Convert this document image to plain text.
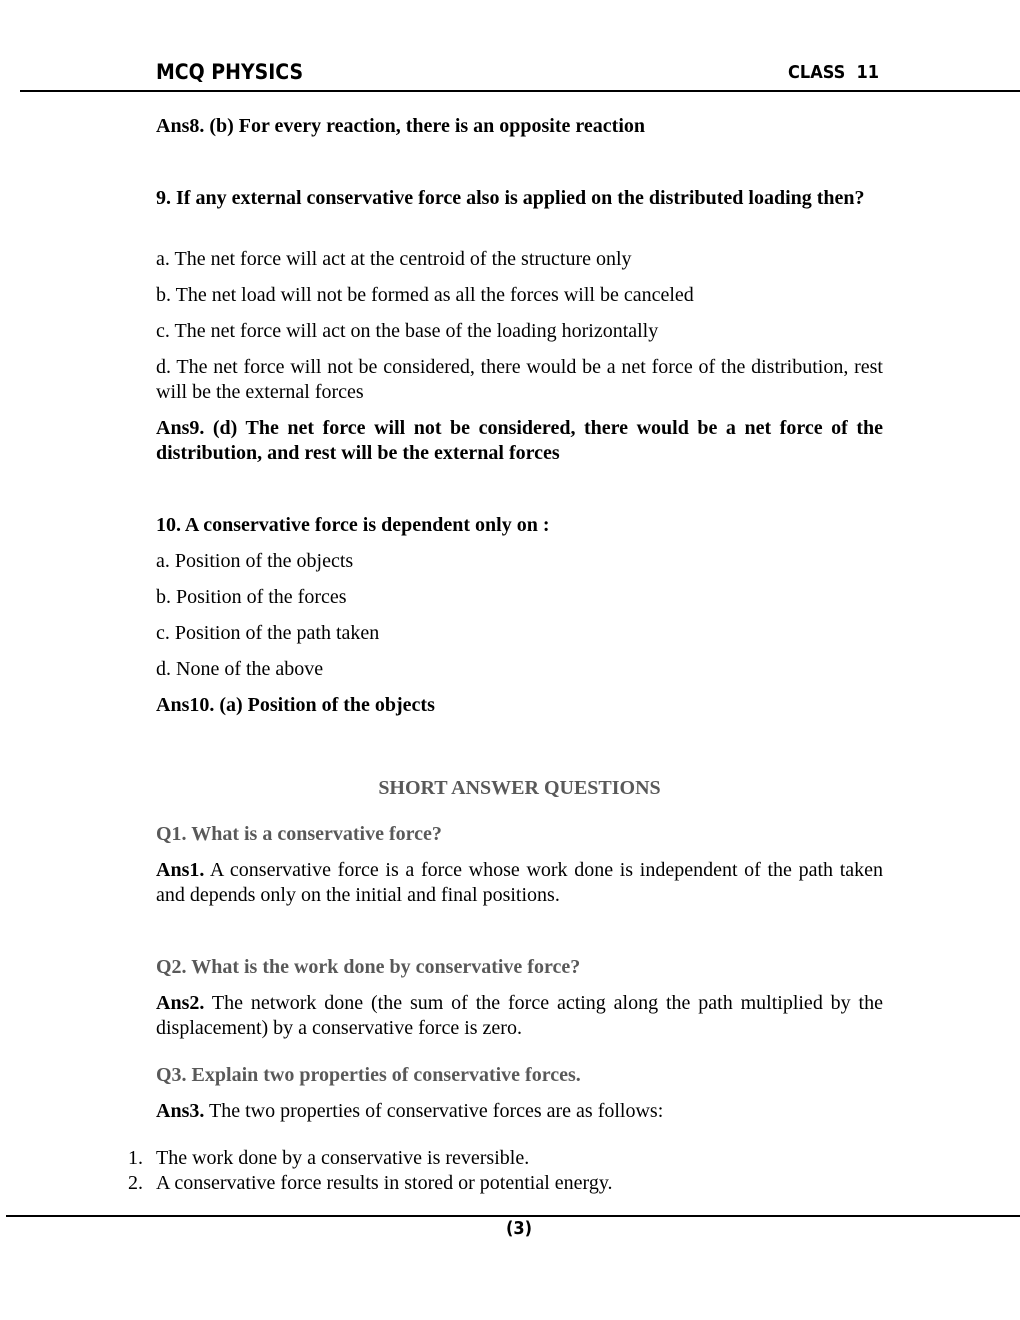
MCQ PHYSICS	CLASS  11
Ans8. (b) For every reaction, there is an opposite reaction
9. If any external conservative force also is applied on the distributed loading then?
a. The net force will act at the centroid of the structure only
b. The net load will not be formed as all the forces will be canceled
c. The net force will act on the base of the loading horizontally
d. The net force will not be considered, there would be a net force of the distribution, rest will be the external forces
Ans9. (d) The net force will not be considered, there would be a net force of the distribution, and rest will be the external forces
10. A conservative force is dependent only on :
a. Position of the objects
b. Position of the forces
c. Position of the path taken
d. None of the above
Ans10. (a) Position of the objects
SHORT ANSWER QUESTIONS
Q1. What is a conservative force?
Ans1. A conservative force is a force whose work done is independent of the path taken and depends only on the initial and final positions.
Q2. What is the work done by conservative force?
Ans2. The network done (the sum of the force acting along the path multiplied by the displacement) by a conservative force is zero.
Q3. Explain two properties of conservative forces.
Ans3. The two properties of conservative forces are as follows:
1. The work done by a conservative is reversible.
2. A conservative force results in stored or potential energy.
(3)
